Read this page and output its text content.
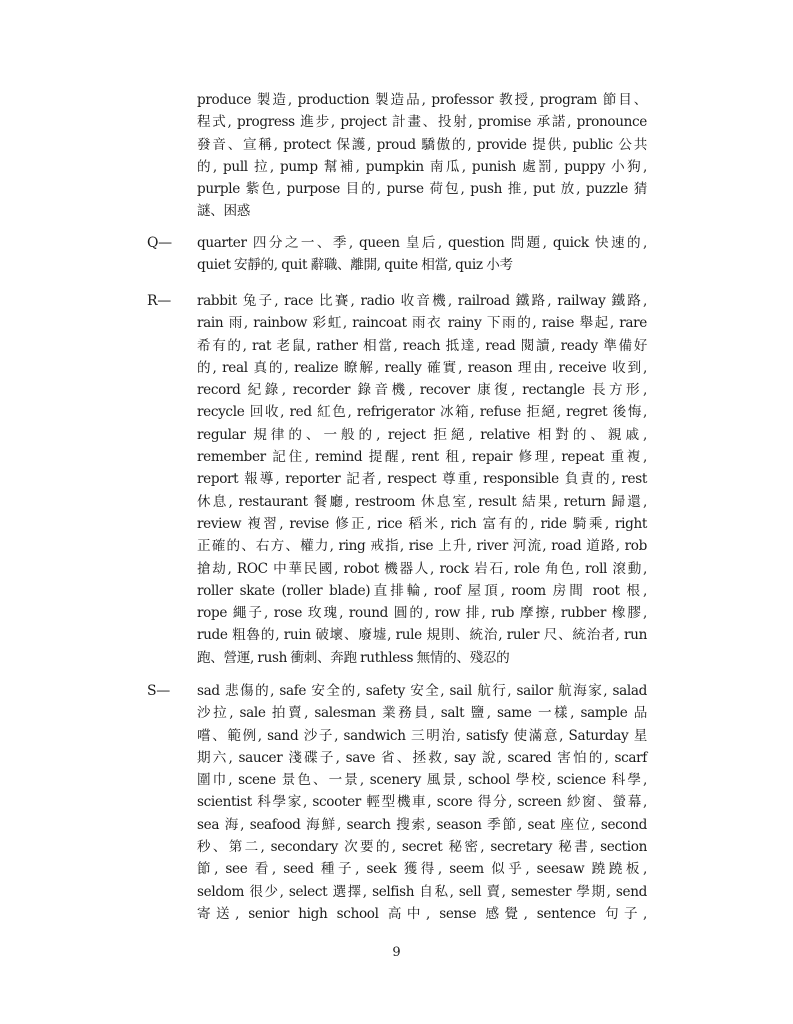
produce 製造, production 製造品, professor 教授, program 節目、
程式, progress 進步, project 計畫、投射, promise 承諾, pronounce
發音、宣稱, protect 保護, proud 驕傲的, provide 提供, public 公共
的, pull 拉, pump 幫補, pumpkin 南瓜, punish 處罰, puppy 小狗,
purple 紫色, purpose 目的, purse 荷包, push 推, put 放, puzzle 猜
謎、困惑
Q—	quarter 四分之一、季, queen 皇后, question 問題, quick 快速的,
quiet 安靜的, quit 辭職、離開, quite 相當, quiz 小考
R—	rabbit 兔子, race 比賽, radio 收音機, railroad 鐵路, railway 鐵路,
rain 雨, rainbow 彩虹, raincoat 雨衣 rainy 下雨的, raise 舉起, rare
希有的, rat 老鼠, rather 相當, reach 抵達, read 閱讀, ready 準備好
的, real 真的, realize 瞭解, really 確實, reason 理由, receive 收到,
record 紀錄, recorder 錄音機, recover 康復, rectangle 長方形,
recycle 回收, red 紅色, refrigerator 冰箱, refuse 拒絕, regret 後悔,
regular 規律的、一般的, reject 拒絕, relative 相對的、親戚,
remember 記住, remind 提醒, rent 租, repair 修理, repeat 重複,
report 報導, reporter 記者, respect 尊重, responsible 負責的, rest
休息, restaurant 餐廳, restroom 休息室, result 結果, return 歸還,
review 複習, revise 修正, rice 稻米, rich 富有的, ride 騎乘, right
正確的、右方、權力, ring 戒指, rise 上升, river 河流, road 道路, rob
搶劫, ROC 中華民國, robot 機器人, rock 岩石, role 角色, roll 滾動,
roller skate (roller blade)直排輪, roof 屋頂, room 房間 root 根,
rope 繩子, rose 玫瑰, round 圓的, row 排, rub 摩擦, rubber 橡膠,
rude 粗魯的, ruin 破壞、廢墟, rule 規則、統治, ruler 尺、統治者, run
跑、營運, rush 衝刺、奔跑 ruthless 無情的、殘忍的
S—	sad 悲傷的, safe 安全的, safety 安全, sail 航行, sailor 航海家, salad
沙拉, sale 拍賣, salesman 業務員, salt 鹽, same 一樣, sample 品
嚐、範例, sand 沙子, sandwich 三明治, satisfy 使滿意, Saturday 星
期六, saucer 淺碟子, save 省、拯救, say 說, scared 害怕的, scarf
圍巾, scene 景色、一景, scenery 風景, school 學校, science 科學,
scientist 科學家, scooter 輕型機車, score 得分, screen 紗窗、螢幕,
sea 海, seafood 海鮮, search 搜索, season 季節, seat 座位, second
秒、第二, secondary 次要的, secret 秘密, secretary 秘書, section
節, see 看, seed 種子, seek 獲得, seem 似乎, seesaw 蹺蹺板,
seldom 很少, select 選擇, selfish 自私, sell 賣, semester 學期, send
寄送, senior high school 高中, sense 感覺, sentence 句子,
9
